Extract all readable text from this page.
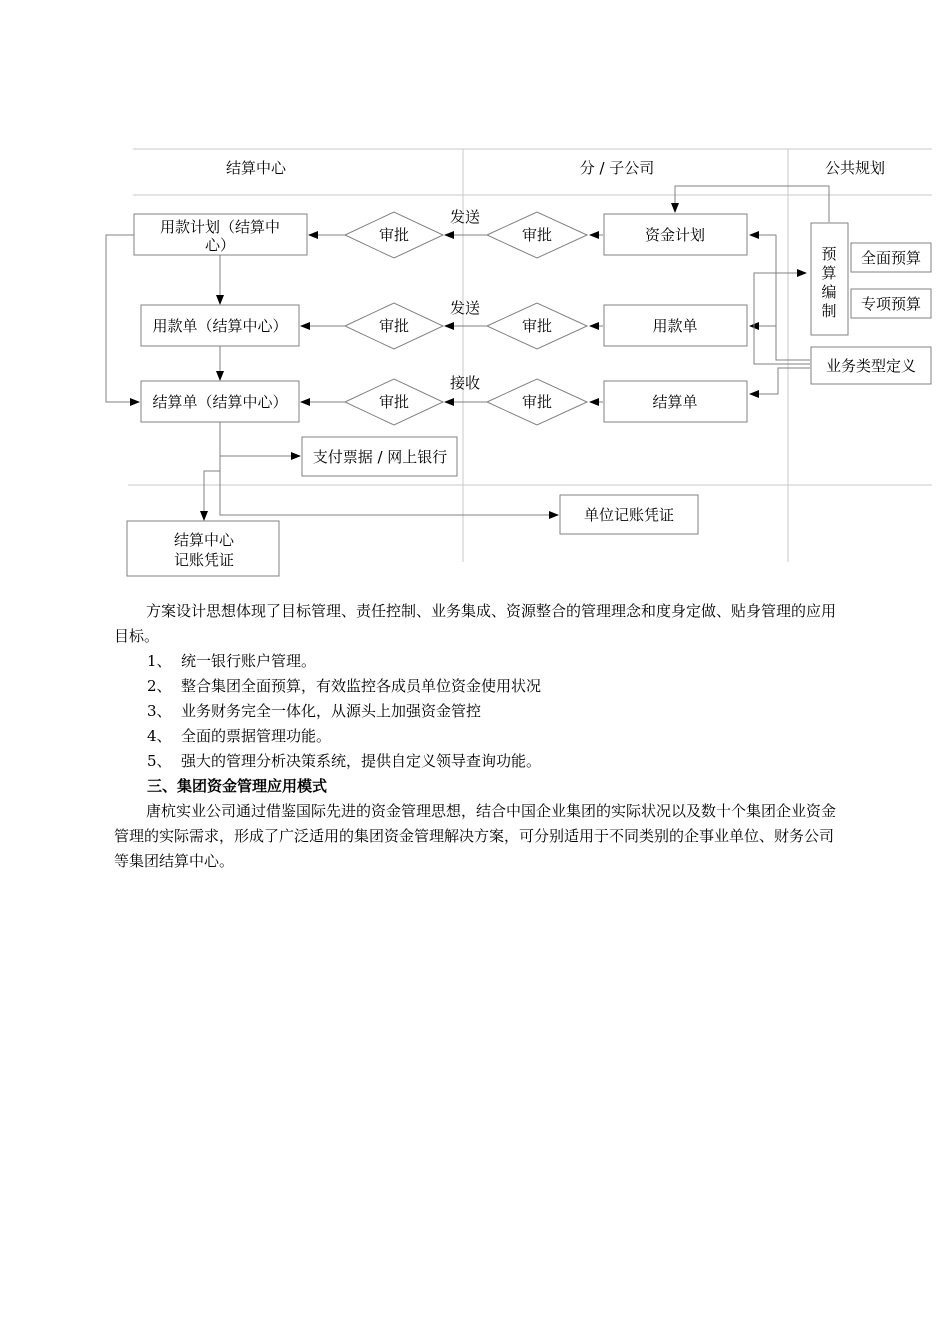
结算中心	分 / 子公司	公共规划
用款计划（结算中
心）
用款单（结算中心）
结算单（结算中心）
支付票据 / 网上银行
结算中心
记账凭证
单位记账凭证
审批	审批
审批	审批
审批	审批
发送
发送
接收
资金计划
用款单
结算单
预
算
编
制
全面预算
专项预算
业务类型定义

方案设计思想体现了目标管理、责任控制、业务集成、资源整合的管理理念和度身定做、贴身管理的应用目标。

1、 统一银行账户管理。
2、 整合集团全面预算，有效监控各成员单位资金使用状况
3、 业务财务完全一体化，从源头上加强资金管控
4、 全面的票据管理功能。
5、 强大的管理分析决策系统，提供自定义领导查询功能。

三、集团资金管理应用模式

唐杭实业公司通过借鉴国际先进的资金管理思想，结合中国企业集团的实际状况以及数十个集团企业资金管理的实际需求，形成了广泛适用的集团资金管理解决方案，可分别适用于不同类别的企事业单位、财务公司等集团结算中心。
